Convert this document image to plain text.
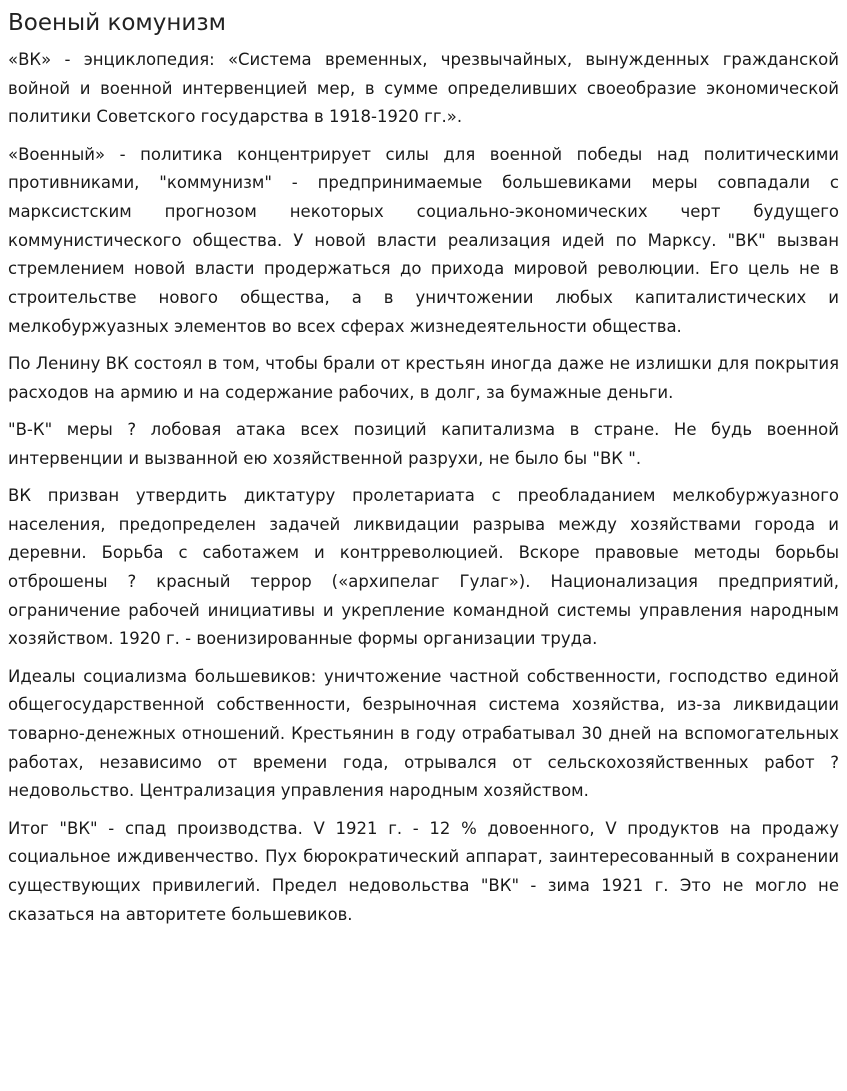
Военый комунизм

«ВК» - энциклопедия: «Система временных, чрезвычайных, вынужденных гражданской войной и военной интервенцией мер, в сумме определивших своеобразие экономической политики Советского государства в 1918-1920 гг.».

«Военный» - политика концентрирует силы для военной победы над политическими противниками, "коммунизм" - предпринимаемые большевиками меры совпадали с марксистским прогнозом некоторых социально-экономических черт будущего коммунистического общества. У новой власти реализация идей по Марксу. "ВК" вызван стремлением новой власти продержаться до прихода мировой революции. Его цель не в строительстве нового общества, а в уничтожении любых капиталистических и мелкобуржуазных элементов во всех сферах жизнедеятельности общества.

По Ленину ВК состоял в том, чтобы брали от крестьян иногда даже не излишки для покрытия расходов на армию и на содержание рабочих, в долг, за бумажные деньги.

"В-К" меры ? лобовая атака всех позиций капитализма в стране. Не будь военной интервенции и вызванной ею хозяйственной разрухи, не было бы "ВК ".

ВК призван утвердить диктатуру пролетариата с преобладанием мелкобуржуазного населения, предопределен задачей ликвидации разрыва между хозяйствами города и деревни. Борьба с саботажем и контрреволюцией. Вскоре правовые методы борьбы отброшены ? красный террор («архипелаг Гулаг»). Национализация предприятий, ограничение рабочей инициативы и укрепление командной системы управления народным хозяйством. 1920 г. - военизированные формы организации труда.

Идеалы социализма большевиков: уничтожение частной собственности, господство единой общегосударственной собственности, безрыночная система хозяйства, из-за ликвидации товарно-денежных отношений. Крестьянин в году отрабатывал 30 дней на вспомогательных работах, независимо от времени года, отрывался от сельскохозяйственных работ ? недовольство. Централизация управления народным хозяйством.

Итог "ВК" - спад производства. V 1921 г. - 12 % довоенного, V продуктов на продажу социальное иждивенчество. Пух бюрократический аппарат, заинтересованный в сохранении существующих привилегий. Предел недовольства "ВК" - зима 1921 г. Это не могло не сказаться на авторитете большевиков.
